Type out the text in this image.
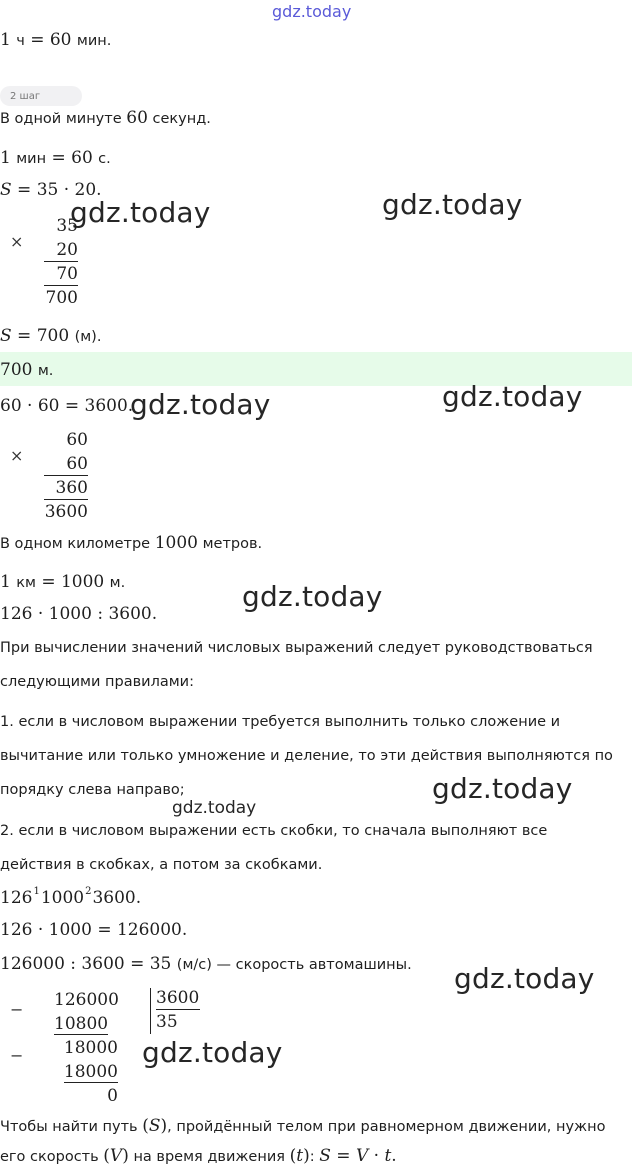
gdz.today
1 ч = 60 мин.
2 шаг
В одной минуте 60 секунд.
1 мин = 60 с.
S = 35 · 20.
gdz.today	gdz.today
×
35
20
70
700
S = 700 (м).
700 м.
60 · 60 = 3600.
gdz.today	gdz.today
×
60
60
360
3600
В одном километре 1000 метров.
1 км = 1000 м.
126 · 1000 : 3600.
gdz.today
При вычислении значений числовых выражений следует руководствоваться
следующими правилами:
1. если в числовом выражении требуется выполнить только сложение и
вычитание или только умножение и деление, то эти действия выполняются по
порядку слева направо;
gdz.today
gdz.today
2. если в числовом выражении есть скобки, то сначала выполняют все
действия в скобках, а потом за скобками.
$126^11000^23600$.
126 · 1000 = 126000.
126000 : 3600 = 35 (м/с) — скорость автомашины. gdz.today
−
−
126000
10800
18000
18000
0
3600
35
gdz.today
Чтобы найти путь (S), пройдённый телом при равномерном движении, нужно
его скорость (V) на время движения (t): S = V · t.
